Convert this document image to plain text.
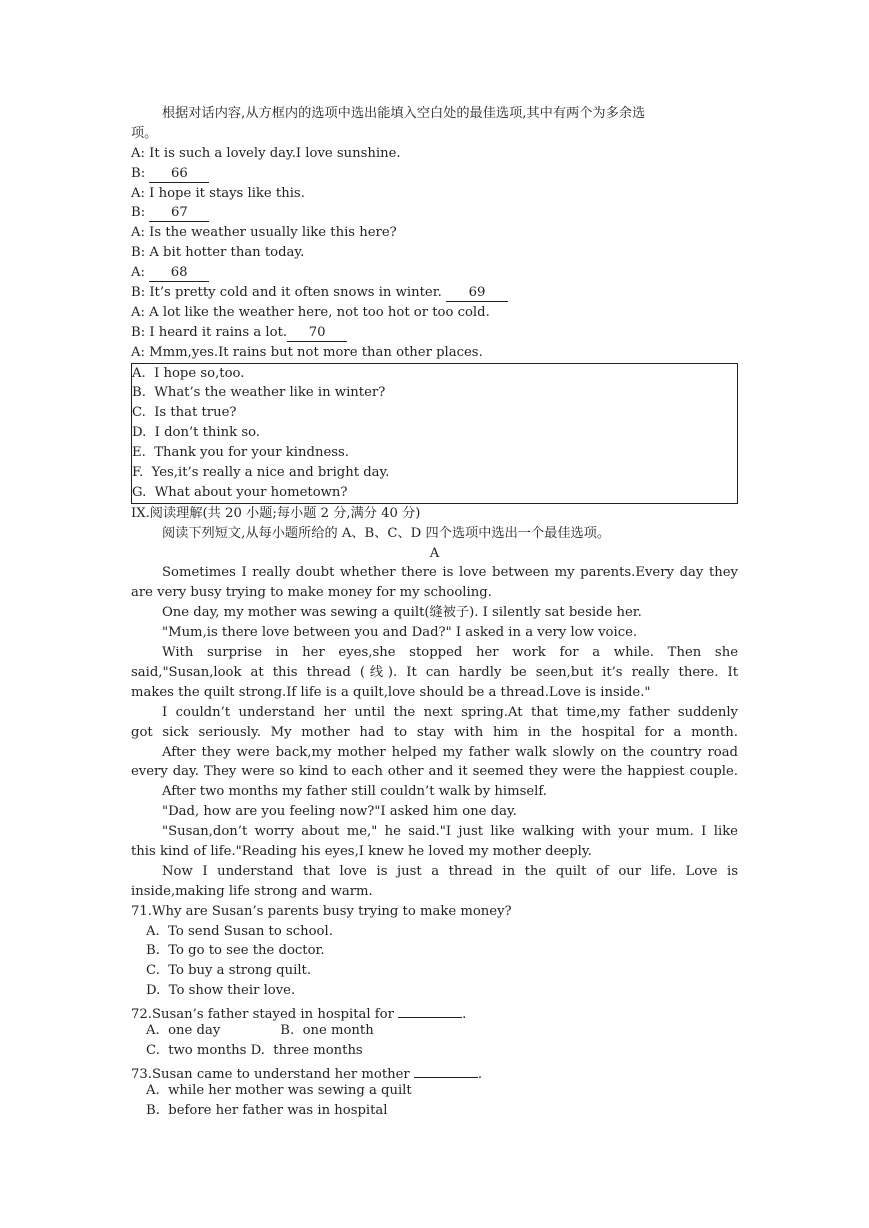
根据对话内容,从方框内的选项中选出能填入空白处的最佳选项,其中有两个为多余选
项。
A: It is such a lovely day.I love sunshine.
B: 66
A: I hope it stays like this.
B: 67
A: Is the weather usually like this here?
B: A bit hotter than today.
A: 68
B: It’s pretty cold and it often snows in winter. 69
A: A lot like the weather here, not too hot or too cold.
B: I heard it rains a lot. 70
A: Mmm,yes.It rains but not more than other places.
A.  I hope so,too.
B.  What’s the weather like in winter?
C.  Is that true?
D.  I don’t think so.
E.  Thank you for your kindness.
F.  Yes,it’s really a nice and bright day.
G.  What about your hometown?
IX.阅读理解(共 20 小题;每小题 2 分,满分 40 分)
阅读下列短文,从每小题所给的 A、B、C、D 四个选项中选出一个最佳选项。
A
Sometimes I really doubt whether there is love between my parents.Every day they
are very busy trying to make money for my schooling.
One day, my mother was sewing a quilt(缝被子). I silently sat beside her.
"Mum,is there love between you and Dad?" I asked in a very low voice.
With surprise in her eyes,she stopped her work for a while. Then she
said,"Susan,look at this thread (线). It can hardly be seen,but it’s really there. It
makes the quilt strong.If life is a quilt,love should be a thread.Love is inside."
I couldn’t understand her until the next spring.At that time,my father suddenly
got sick seriously. My mother had to stay with him in the hospital for a month.
After they were back,my mother helped my father walk slowly on the country road
every day. They were so kind to each other and it seemed they were the happiest couple.
After two months my father still couldn’t walk by himself.
"Dad, how are you feeling now?"I asked him one day.
"Susan,don’t worry about me," he said."I just like walking with your mum. I like
this kind of life."Reading his eyes,I knew he loved my mother deeply.
Now I understand that love is just a thread in the quilt of our life. Love is
inside,making life strong and warm.
71.Why are Susan’s parents busy trying to make money?
A.  To send Susan to school.
B.  To go to see the doctor.
C.  To buy a strong quilt.
D.  To show their love.
72.Susan’s father stayed in hospital for	.
A.  one day	B.  one month
C.  two months D.  three months
73.Susan came to understand her mother	.
A.  while her mother was sewing a quilt
B.  before her father was in hospital
